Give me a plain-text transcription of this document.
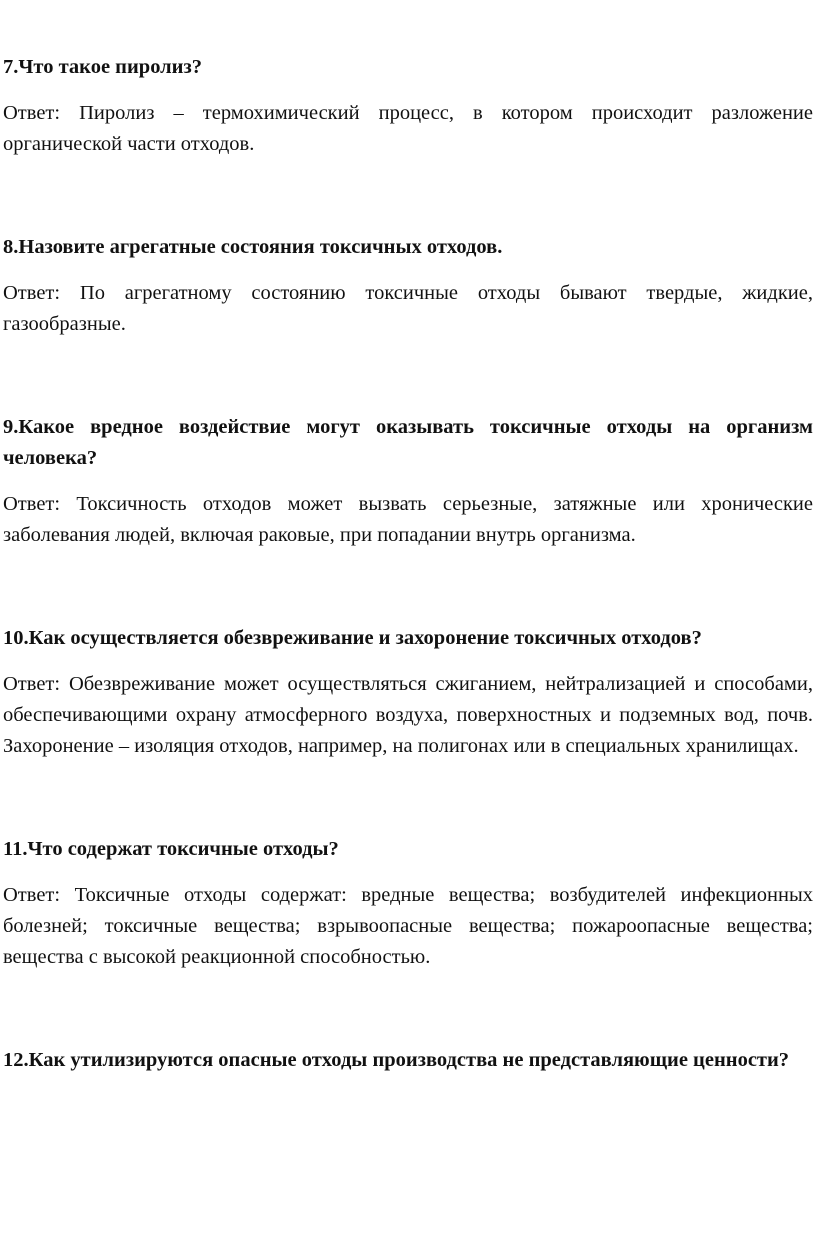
7.Что такое пиролиз?

Ответ: Пиролиз – термохимический процесс, в котором происходит разложение органической части отходов.

8.Назовите агрегатные состояния токсичных отходов.

Ответ: По агрегатному состоянию токсичные отходы бывают твердые, жидкие, газообразные.

9.Какое вредное воздействие могут оказывать токсичные отходы на организм человека?

Ответ: Токсичность отходов может вызвать серьезные, затяжные или хронические заболевания людей, включая раковые, при попадании внутрь организма.

10.Как осуществляется обезвреживание и захоронение токсичных отходов?

Ответ: Обезвреживание может осуществляться сжиганием, нейтрализацией и способами, обеспечивающими охрану атмосферного воздуха, поверхностных и подземных вод, почв. Захоронение – изоляция отходов, например, на полигонах или в специальных хранилищах.

11.Что содержат токсичные отходы?

Ответ: Токсичные отходы содержат: вредные вещества; возбудителей инфекционных болезней; токсичные вещества; взрывоопасные вещества; пожароопасные вещества; вещества с высокой реакционной способностью.

12.Как утилизируются опасные отходы производства не представляющие ценности?
